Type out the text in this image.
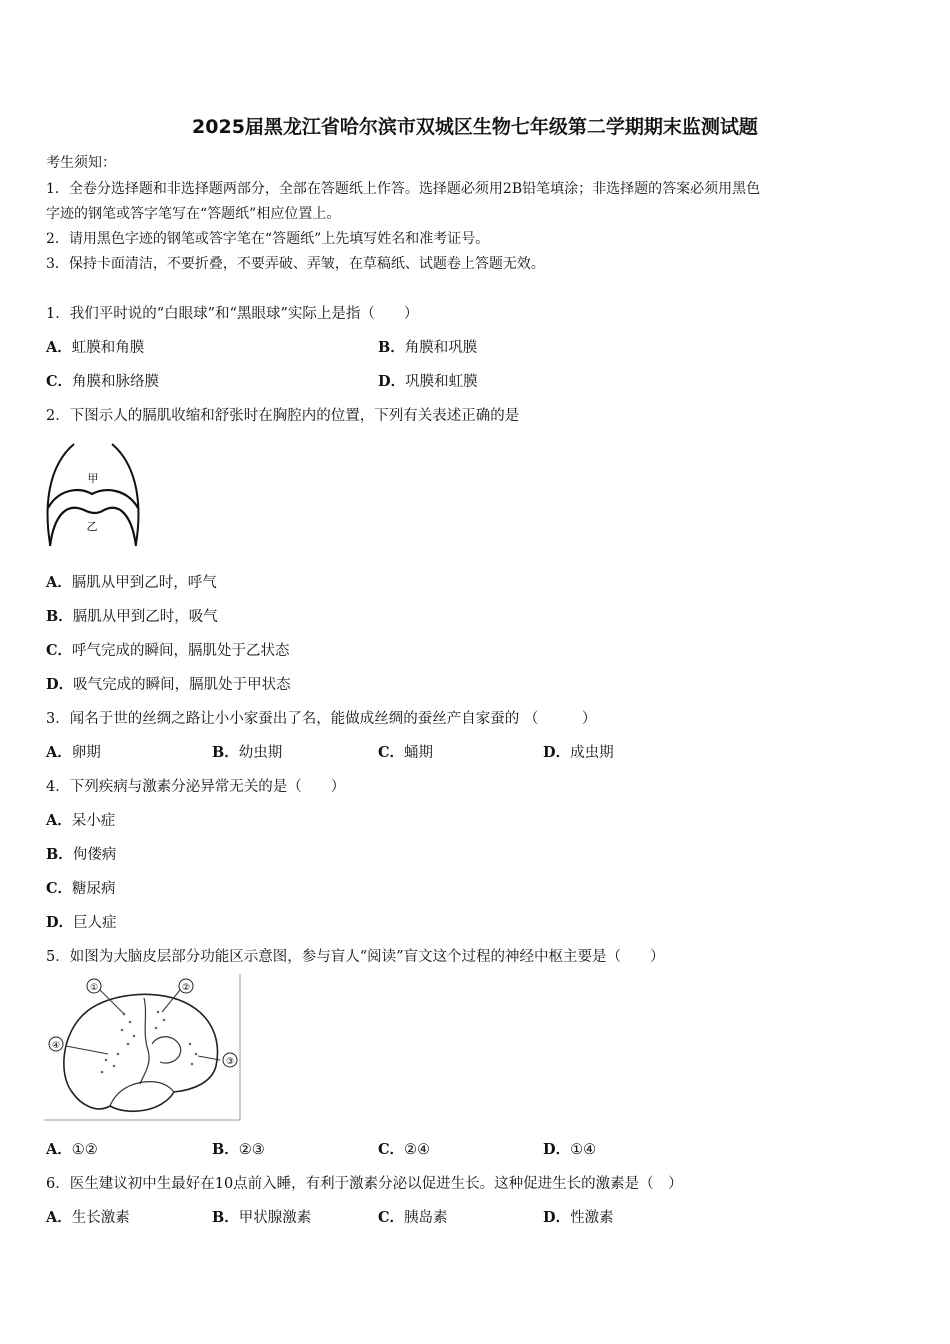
2025届黑龙江省哈尔滨市双城区生物七年级第二学期期末监测试题
考生须知：
1．全卷分选择题和非选择题两部分，全部在答题纸上作答。选择题必须用2B铅笔填涂；非选择题的答案必须用黑色
字迹的钢笔或答字笔写在“答题纸”相应位置上。
2．请用黑色字迹的钢笔或答字笔在“答题纸”上先填写姓名和准考证号。
3．保持卡面清洁，不要折叠，不要弄破、弄皱，在草稿纸、试题卷上答题无效。
1．我们平时说的“白眼球”和“黑眼球”实际上是指（　　）
A．虹膜和角膜	B．角膜和巩膜
C．角膜和脉络膜	D．巩膜和虹膜
2．下图示人的膈肌收缩和舒张时在胸腔内的位置，下列有关表述正确的是
甲
乙
A．膈肌从甲到乙时，呼气
B．膈肌从甲到乙时，吸气
C．呼气完成的瞬间，膈肌处于乙状态
D．吸气完成的瞬间，膈肌处于甲状态
3．闻名于世的丝绸之路让小小家蚕出了名，能做成丝绸的蚕丝产自家蚕的 （　　　）
A．卵期	B．幼虫期	C．蛹期	D．成虫期
4．下列疾病与激素分泌异常无关的是（　　）
A．呆小症
B．佝偻病
C．糖尿病
D．巨人症
5．如图为大脑皮层部分功能区示意图，参与盲人“阅读”盲文这个过程的神经中枢主要是（　　）
①	②
③
④
A．①②	B．②③	C．②④	D．①④
6．医生建议初中生最好在10点前入睡，有利于激素分泌以促进生长。这种促进生长的激素是（　）
A．生长激素	B．甲状腺激素	C．胰岛素	D．性激素
